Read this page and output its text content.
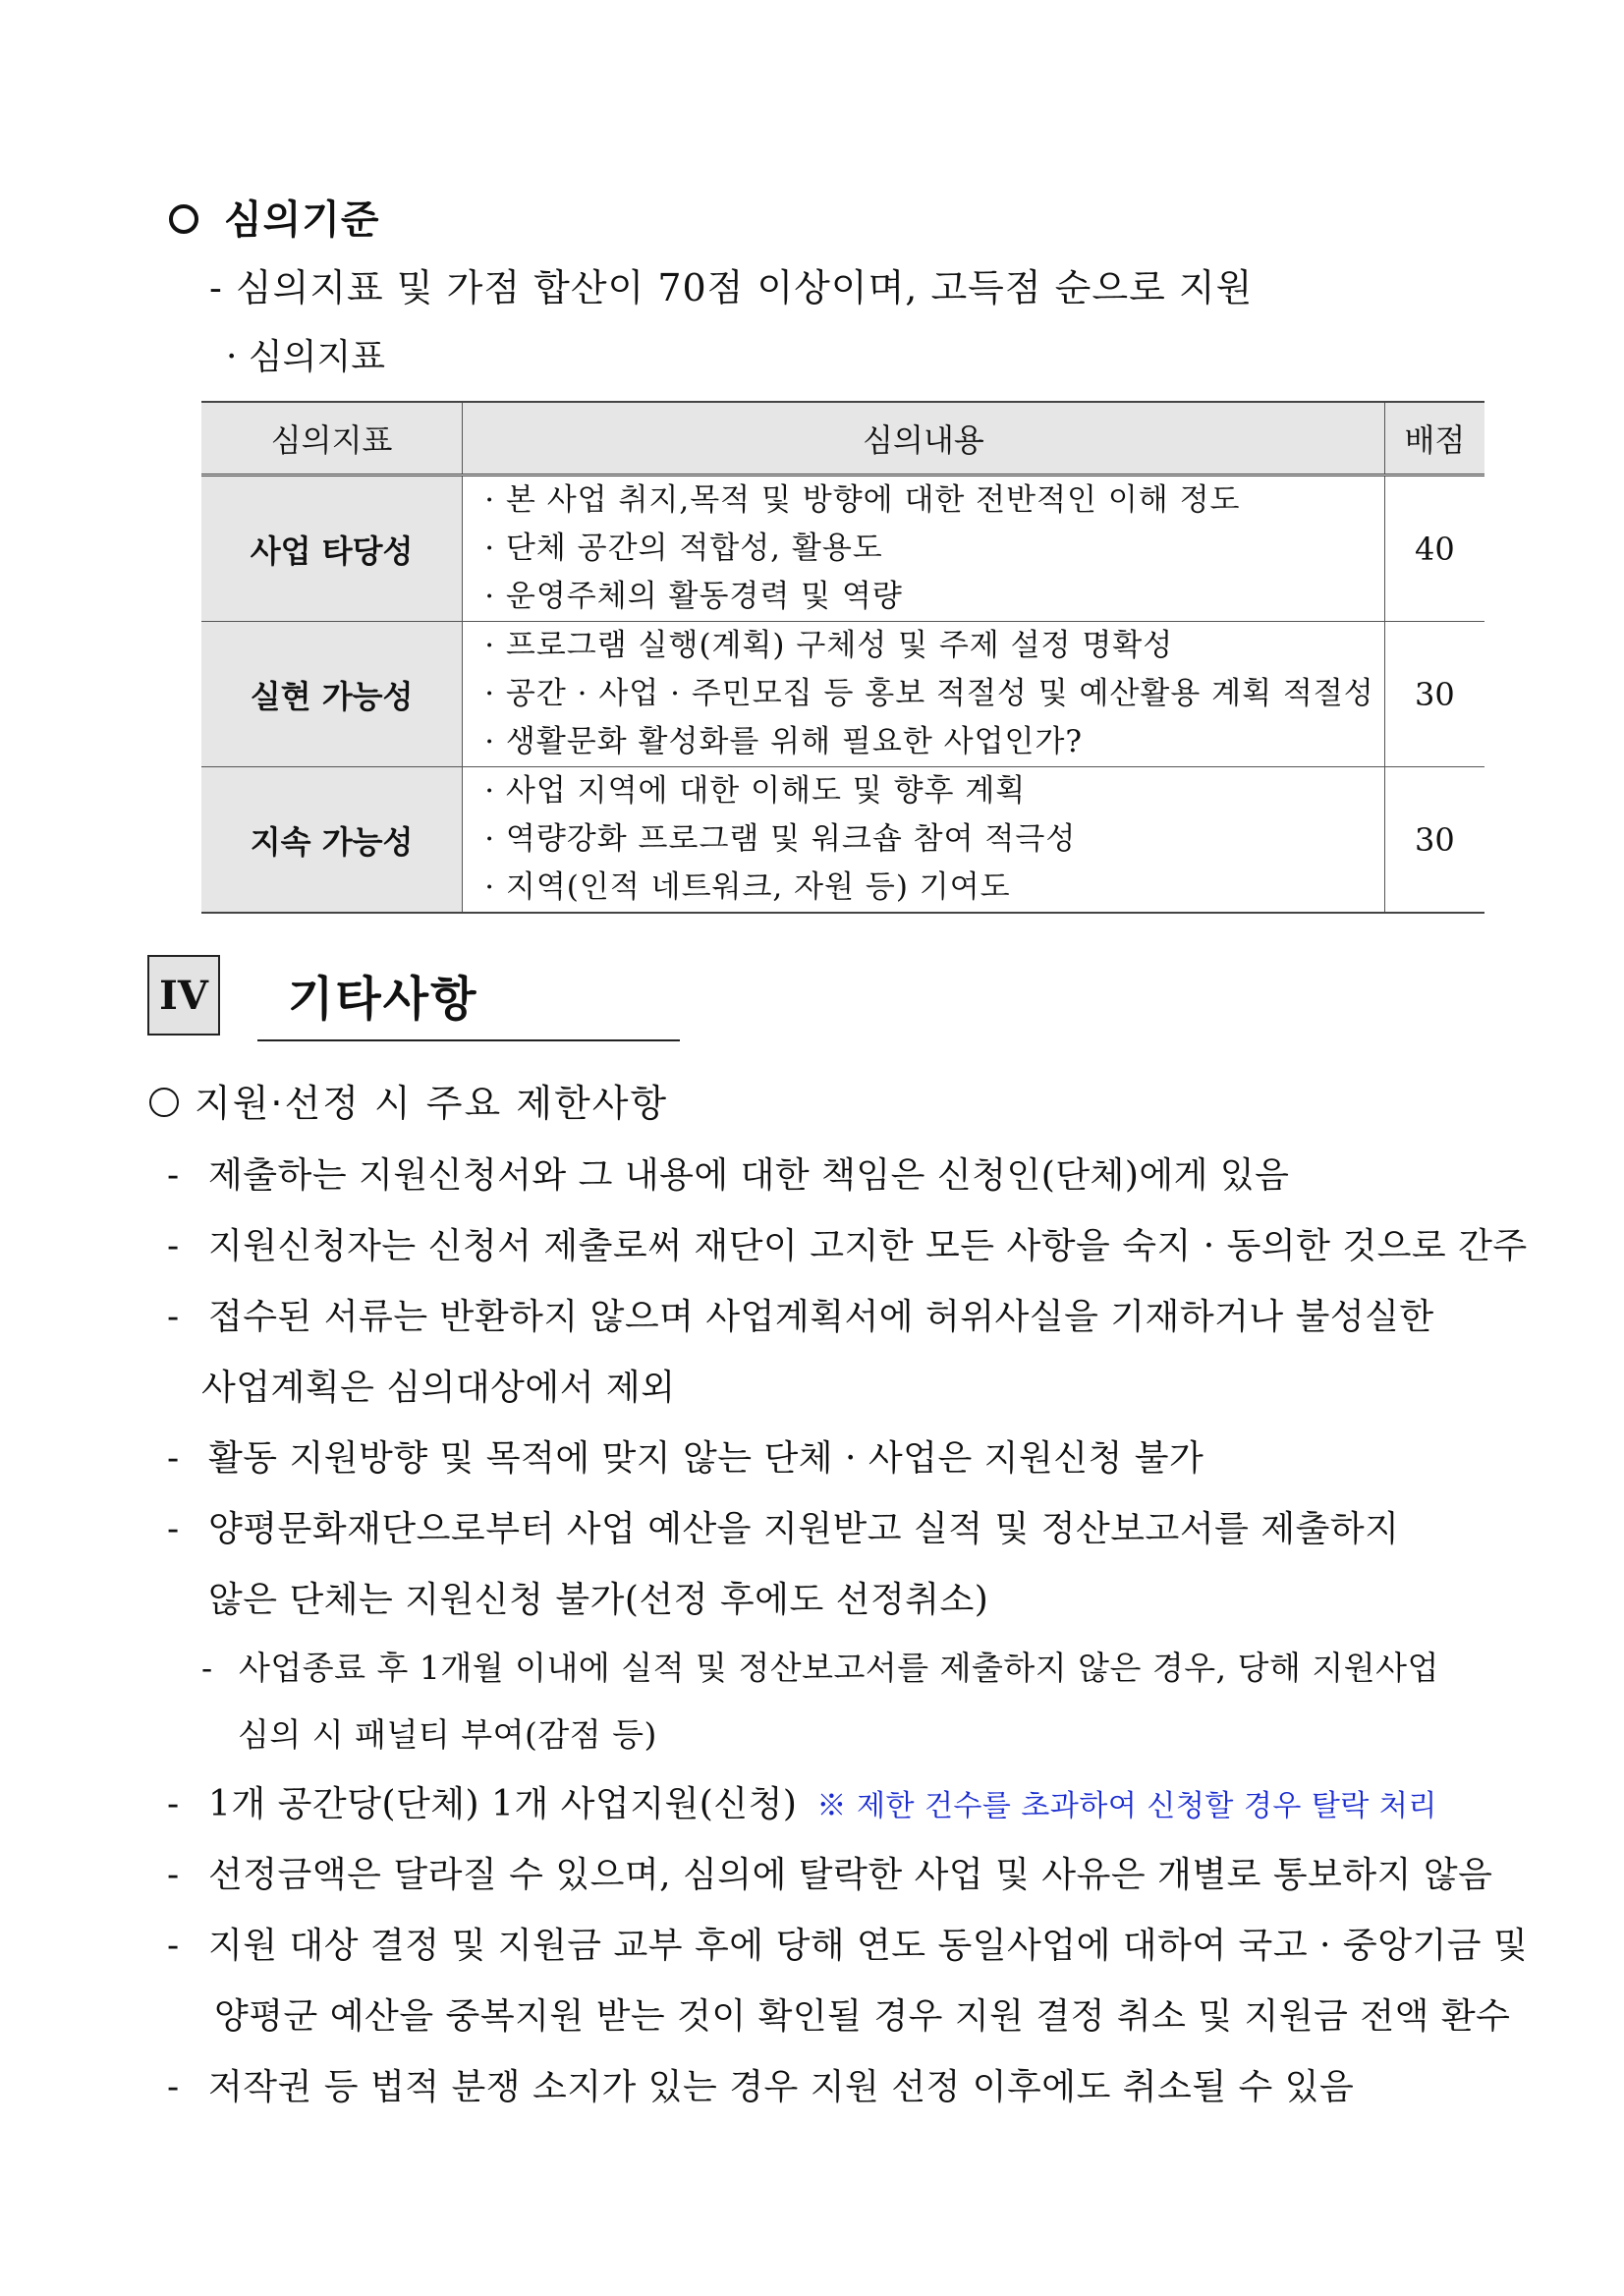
심의기준
- 심의지표 및 가점 합산이 70점 이상이며, 고득점 순으로 지원
· 심의지표
심의지표	심의내용	배점
사업 타당성	· 본 사업 취지,목적 및 방향에 대한 전반적인 이해 정도
· 단체 공간의 적합성, 활용도
· 운영주체의 활동경력 및 역량	40
실현 가능성	· 프로그램 실행(계획) 구체성 및 주제 설정 명확성
· 공간 · 사업 · 주민모집 등 홍보 적절성 및 예산활용 계획 적절성
· 생활문화 활성화를 위해 필요한 사업인가?	30
지속 가능성	· 사업 지역에 대한 이해도 및 향후 계획
· 역량강화 프로그램 및 워크숍 참여 적극성
· 지역(인적 네트워크, 자원 등) 기여도	30
IV 기타사항
지원·선정 시 주요 제한사항
- 제출하는 지원신청서와 그 내용에 대한 책임은 신청인(단체)에게 있음
- 지원신청자는 신청서 제출로써 재단이 고지한 모든 사항을 숙지 · 동의한 것으로 간주
- 접수된 서류는 반환하지 않으며 사업계획서에 허위사실을 기재하거나 불성실한
사업계획은 심의대상에서 제외
- 활동 지원방향 및 목적에 맞지 않는 단체 · 사업은 지원신청 불가
- 양평문화재단으로부터 사업 예산을 지원받고 실적 및 정산보고서를 제출하지
않은 단체는 지원신청 불가(선정 후에도 선정취소)
- 사업종료 후 1개월 이내에 실적 및 정산보고서를 제출하지 않은 경우, 당해 지원사업
심의 시 패널티 부여(감점 등)
- 1개 공간당(단체) 1개 사업지원(신청) ※ 제한 건수를 초과하여 신청할 경우 탈락 처리
- 선정금액은 달라질 수 있으며, 심의에 탈락한 사업 및 사유은 개별로 통보하지 않음
- 지원 대상 결정 및 지원금 교부 후에 당해 연도 동일사업에 대하여 국고 · 중앙기금 및
양평군 예산을 중복지원 받는 것이 확인될 경우 지원 결정 취소 및 지원금 전액 환수
- 저작권 등 법적 분쟁 소지가 있는 경우 지원 선정 이후에도 취소될 수 있음
